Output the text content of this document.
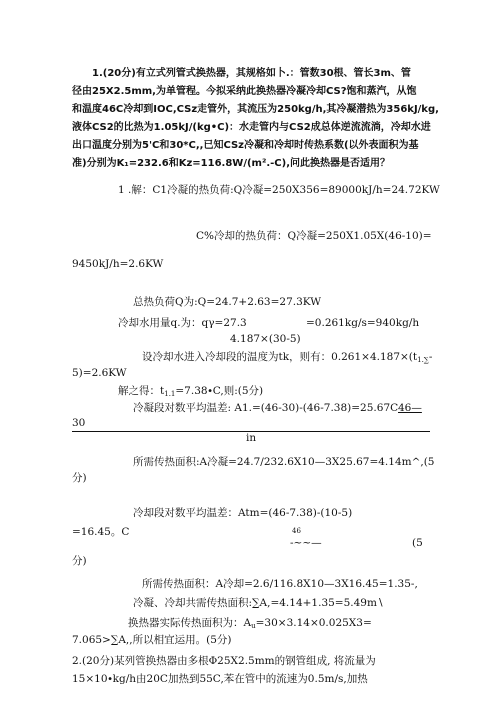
1.(20分)有立式列管式换热器，其规格如卜.：管数30根、管长3m、管
径由25X2.5mm,为单管程。今拟采纳此换热器冷凝冷却CS?饱和蒸汽，从饱
和温度46C冷却到IOC,CSz走管外，其流压为250kg/h,其冷凝潜热为356kJ/kg,
液体CS2的比热为1.05kJ/(kg•C)：水走管内与CS2成总体逆流流淌，冷却水进
出口温度分别为5'C和30*C,,已知CSz冷凝和冷却时传热系数(以外表面积为基
准)分别为K₁=232.6和Kz=116.8W/(m².-C),问此换热器是否适用？
1 .解：C1冷凝的热负荷:Q冷凝=250X356=89000kJ∕h=24.72KW
C%冷却的热负荷：Q冷凝=250X1.05X(46-10)=
9450kJ∕h=2.6KW
总热负荷Q为:Q=24.7+2.63=27.3KW
冷却水用量q.为：qγ=27.3	=0.261kg∕s=940kg∕h
4.187×(30-5)
设冷却水进入冷却段的温度为tk，则有：$0.261\times 4.187\times(t_{1.\sum}-$
5)=2.6KW
解之得：$t_{1.1}=7.38\cdot C$,则:(5分)
冷凝段对数平均温差: A1.=(46-30)-(46-7.38)=25.67C 46—
30
in
所需传热面积:A冷凝=24.7/232.6X10—3X25.67=4.14m^,(5
分)
冷却段对数平均温差：Atm=(46-7.38)-(10-5)
=16.45。C	46
-~~—	(5
分)
所需传热面积：A冷却=2.6/116.8X10—3X16.45=1.35-,
冷凝、冷却共需传热面积:∑A,=4.14+1.35=5.49m∖
换热器实际传热面积为：$A_u=30\times 3.14\times 0.025X3=$
7.065>∑A,,所以相宜运用。(5分)
2.(20分)某列管换热器由多根Φ25X2.5mm的钢管组成, 将流量为
15×10∙kg∕h由20C加热到55C,苯在管中的流速为0.5m∕s,加热
